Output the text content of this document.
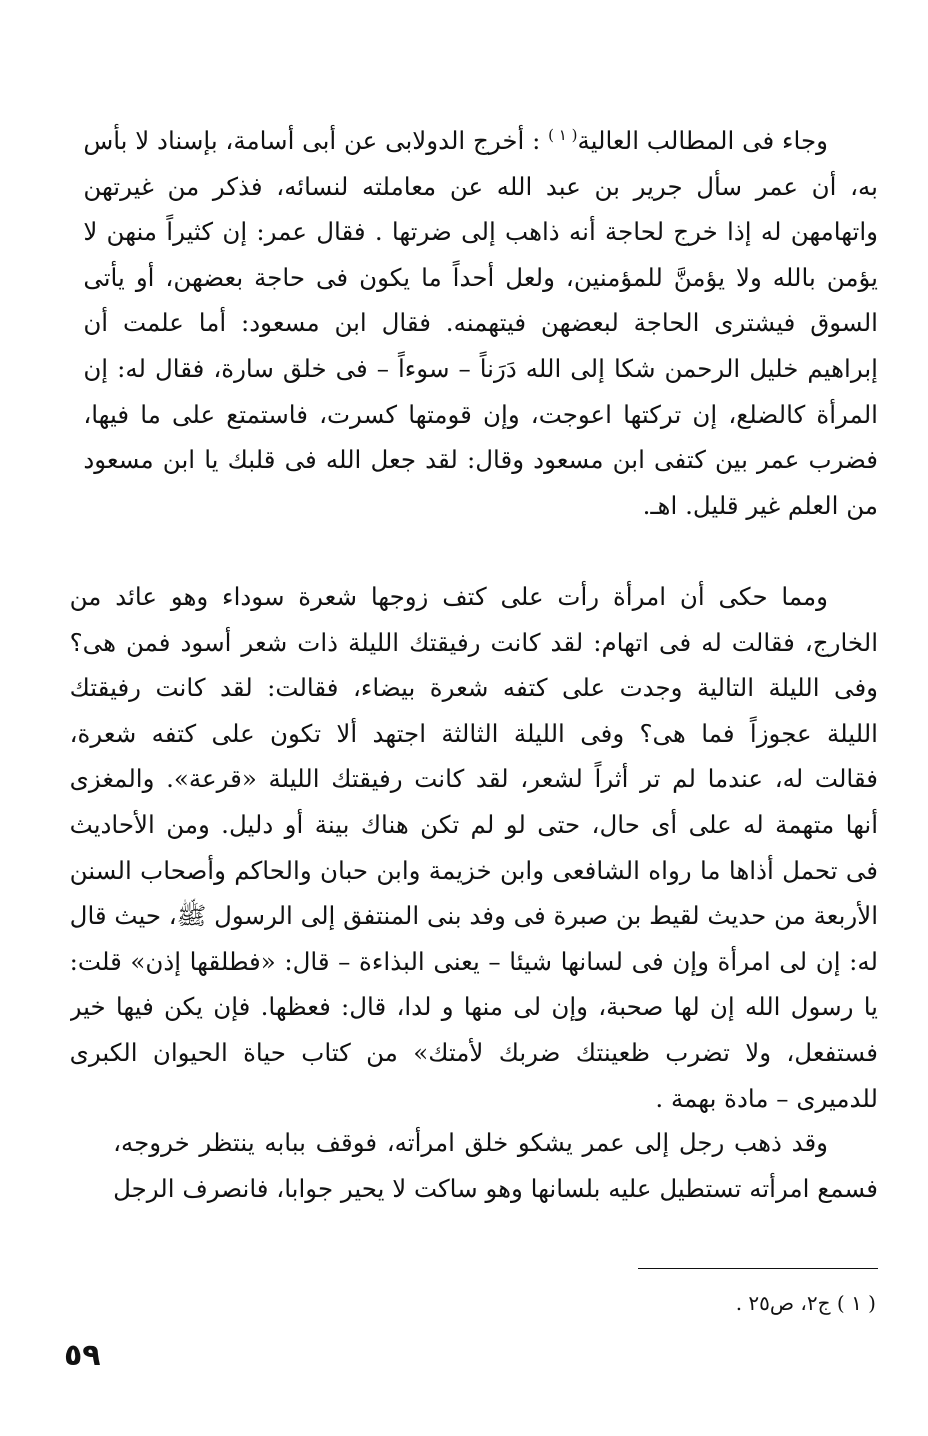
وجاء فى المطالب العالية$^{( ١ )}$ : أخرج الدولابى عن أبى أسامة، بإسناد لا بأس
به، أن عمر سأل جرير بن عبد الله عن معاملته لنسائه، فذكر من غيرتهن
واتهامهن له إذا خرج لحاجة أنه ذاهب إلى ضرتها . فقال عمر: إن كثيراً منهن لا
يؤمن بالله ولا يؤمنَّ للمؤمنين، ولعل أحداً ما يكون فى حاجة بعضهن، أو يأتى
السوق فيشترى الحاجة لبعضهن فيتهمنه. فقال ابن مسعود: أما علمت أن
إبراهيم خليل الرحمن شكا إلى الله دَرَناً – سوءاً – فى خلق سارة، فقال له: إن
المرأة كالضلع، إن تركتها اعوجت، وإن قومتها كسرت، فاستمتع على ما فيها،
فضرب عمر بين كتفى ابن مسعود وقال: لقد جعل الله فى قلبك يا ابن مسعود
من العلم غير قليل. اهـ.

ومما حكى أن امرأة رأت على كتف زوجها شعرة سوداء وهو عائد من
الخارج، فقالت له فى اتهام: لقد كانت رفيقتك الليلة ذات شعر أسود فمن هى؟
وفى الليلة التالية وجدت على كتفه شعرة بيضاء، فقالت: لقد كانت رفيقتك
الليلة عجوزاً فما هى؟ وفى الليلة الثالثة اجتهد ألا تكون على كتفه شعرة،
فقالت له، عندما لم تر أثراً لشعر، لقد كانت رفيقتك الليلة «قرعة». والمغزى
أنها متهمة له على أى حال، حتى لو لم تكن هناك بينة أو دليل. ومن الأحاديث
فى تحمل أذاها ما رواه الشافعى وابن خزيمة وابن حبان والحاكم وأصحاب السنن
الأربعة من حديث لقيط بن صبرة فى وفد بنى المنتفق إلى الرسول ﷺ، حيث قال
له: إن لى امرأة وإن فى لسانها شيئا – يعنى البذاءة – قال: «فطلقها إذن» قلت:
يا رسول الله إن لها صحبة، وإن لى منها و لدا، قال: فعظها. فإن يكن فيها خير
فستفعل، ولا تضرب ظعينتك ضربك لأمتك» من كتاب حياة الحيوان الكبرى
للدميرى – مادة بهمة .

وقد ذهب رجل إلى عمر يشكو خلق امرأته، فوقف ببابه ينتظر خروجه،
فسمع امرأته تستطيل عليه بلسانها وهو ساكت لا يحير جوابا، فانصرف الرجل

( ١ ) ج٢، ص٢٥ .
٥٩
